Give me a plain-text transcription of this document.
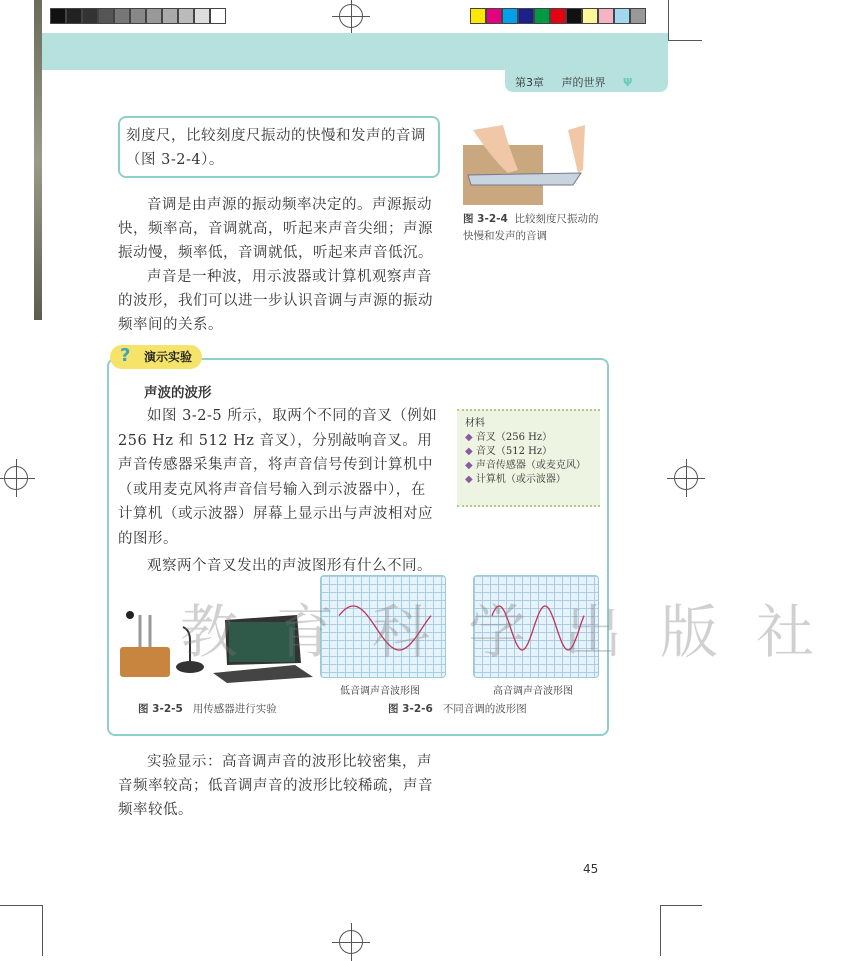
第3章 声的世界 Ψ
刻度尺，比较刻度尺振动的快慢和发声的音调（图 3-2-4）。

音调是由声源的振动频率决定的。声源振动快，频率高，音调就高，听起来声音尖细；声源振动慢，频率低，音调就低，听起来声音低沉。

声音是一种波，用示波器或计算机观察声音的波形，我们可以进一步认识音调与声源的振动频率间的关系。

图 3-2-4 比较刻度尺振动的快慢和发声的音调
? 演示实验
声波的波形

如图 3-2-5 所示，取两个不同的音叉（例如 256 Hz 和 512 Hz 音叉），分别敲响音叉。用声音传感器采集声音，将声音信号传到计算机中（或用麦克风将声音信号输入到示波器中），在计算机（或示波器）屏幕上显示出与声波相对应的图形。

观察两个音叉发出的声波图形有什么不同。

材料
◆ 音叉（256 Hz）
◆ 音叉（512 Hz）
◆ 声音传感器（或麦克风）
◆ 计算机（或示波器）
教育科学出版社
低音调声音波形图	高音调声音波形图
图 3-2-5 用传感器进行实验	图 3-2-6 不同音调的波形图
实验显示：高音调声音的波形比较密集，声音频率较高；低音调声音的波形比较稀疏，声音频率较低。
45
